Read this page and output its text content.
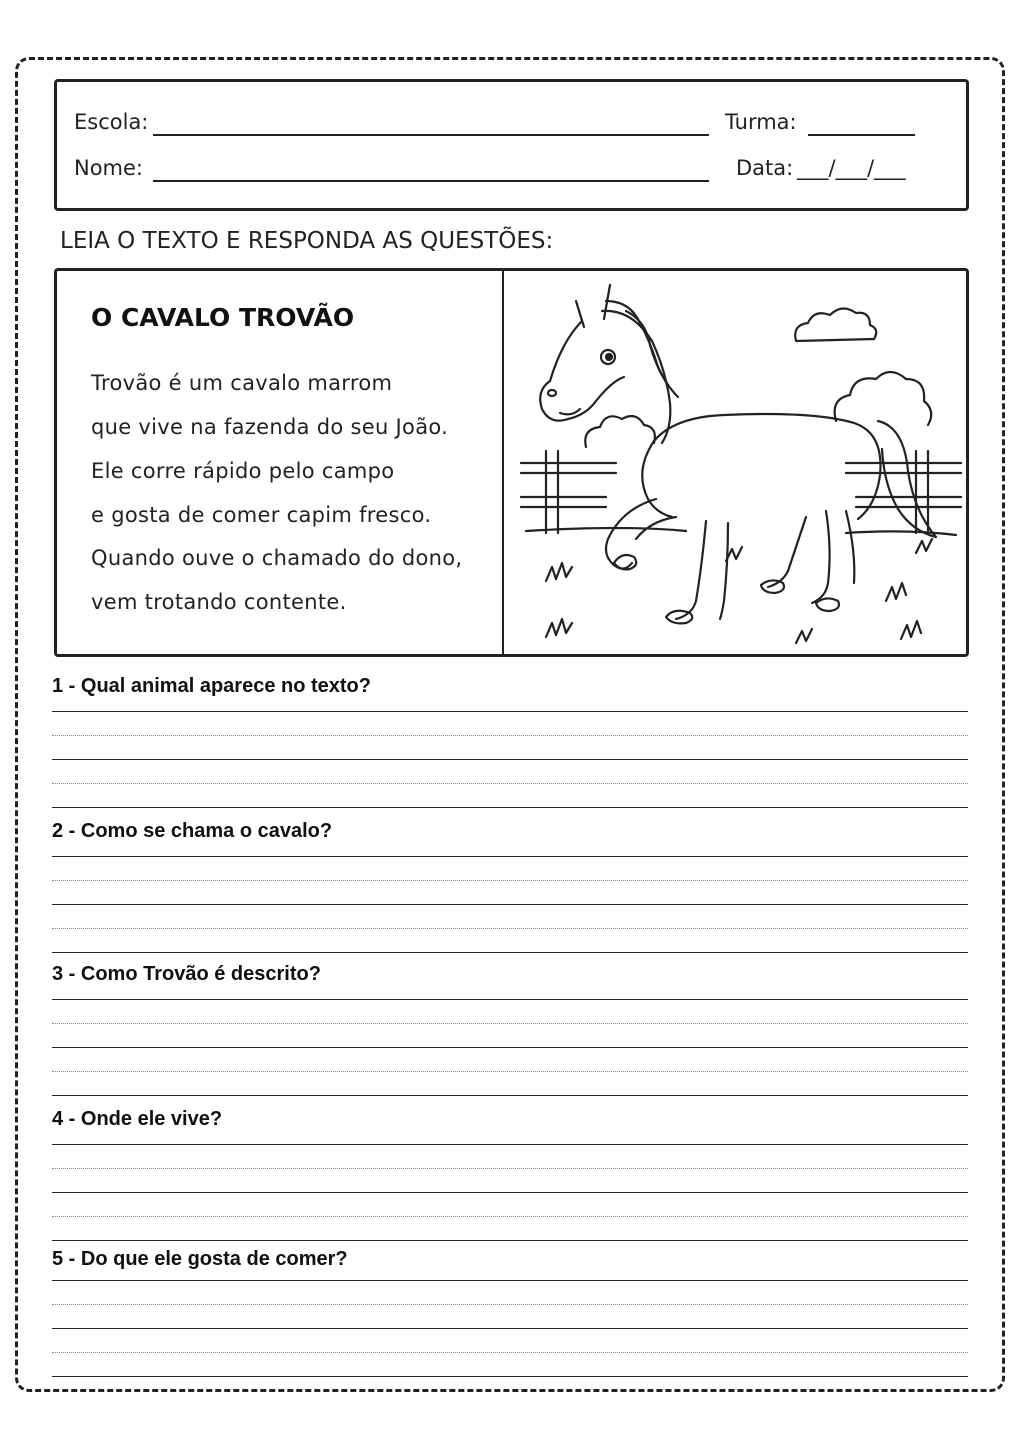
Escola:	Turma:
Nome:	Data: ___/___/___
LEIA O TEXTO E RESPONDA AS QUESTÕES:
O CAVALO TROVÃO
Trovão é um cavalo marrom
que vive na fazenda do seu João.
Ele corre rápido pelo campo
e gosta de comer capim fresco.
Quando ouve o chamado do dono,
vem trotando contente.
1 - Qual animal aparece no texto?
2 - Como se chama o cavalo?
3 - Como Trovão é descrito?
4 - Onde ele vive?
5 - Do que ele gosta de comer?
